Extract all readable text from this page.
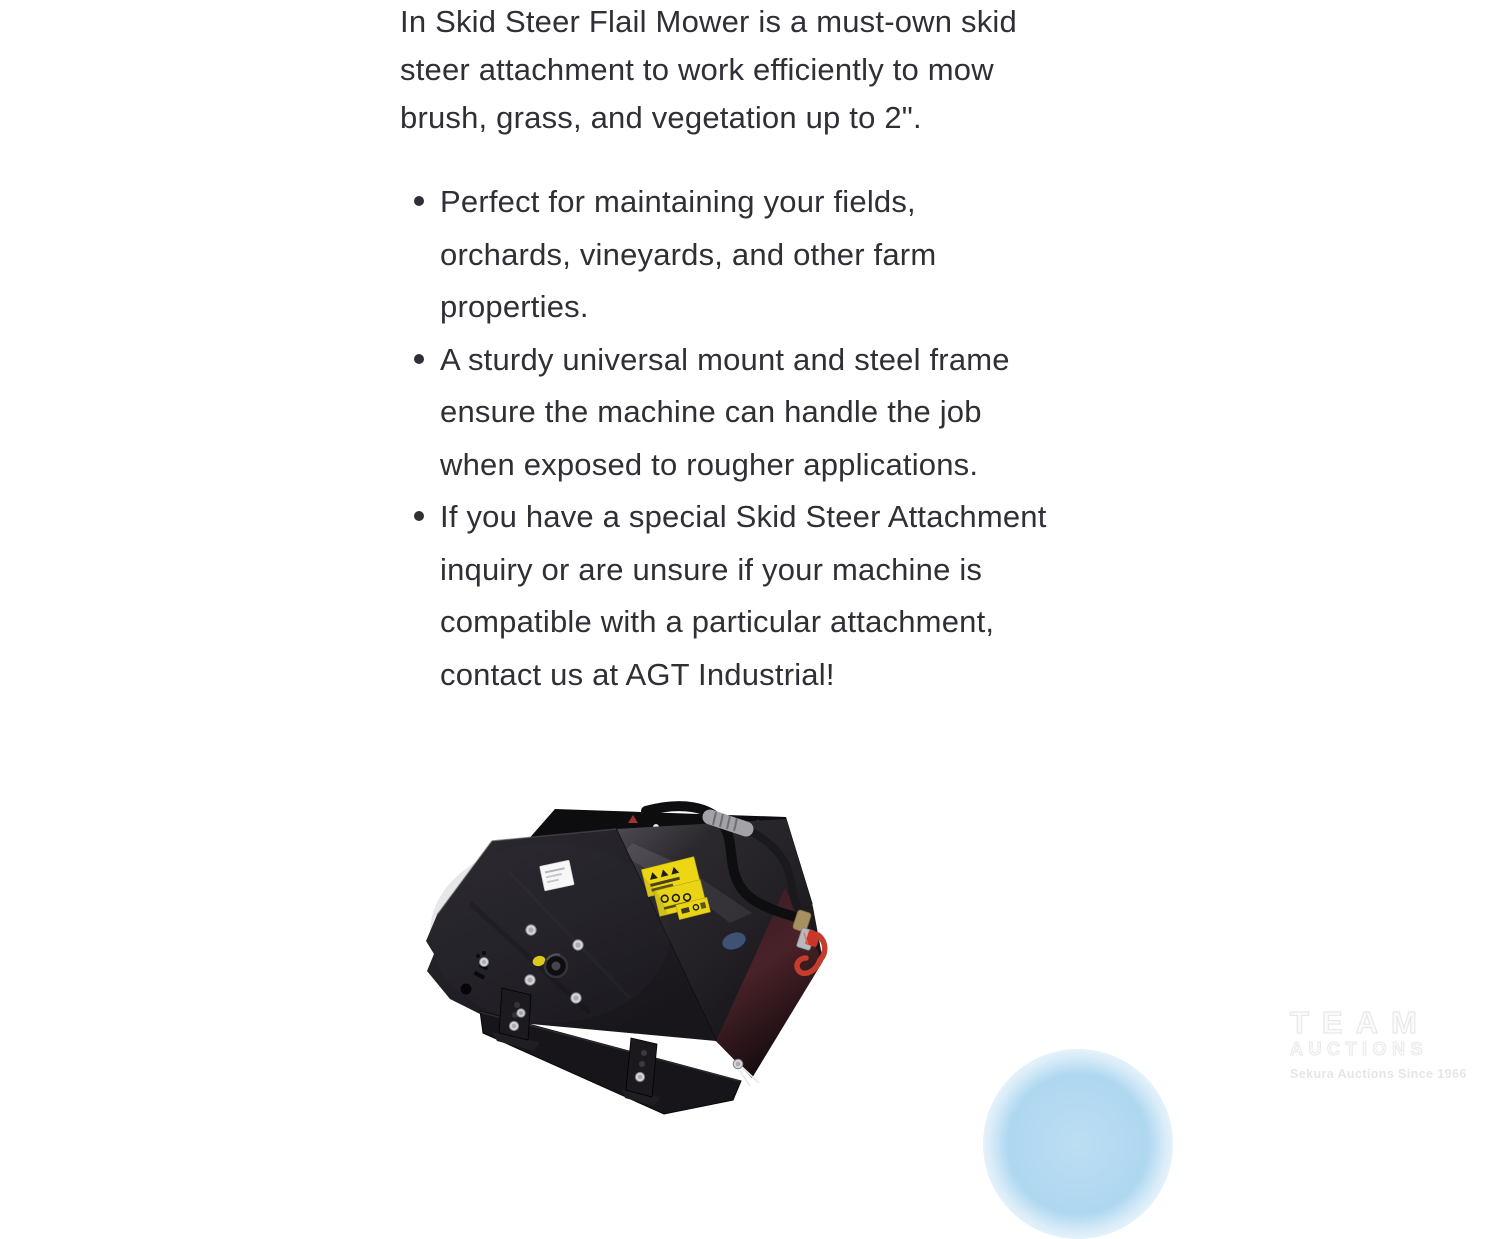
In Skid Steer Flail Mower is a must-own skid
steer attachment to work efficiently to mow
brush, grass, and vegetation up to 2".

Perfect for maintaining your fields,
orchards, vineyards, and other farm
properties.
A sturdy universal mount and steel frame
ensure the machine can handle the job
when exposed to rougher applications.
If you have a special Skid Steer Attachment
inquiry or are unsure if your machine is
compatible with a particular attachment,
contact us at AGT Industrial!
TEAM
AUCTIONS
Sekura Auctions Since 1966
